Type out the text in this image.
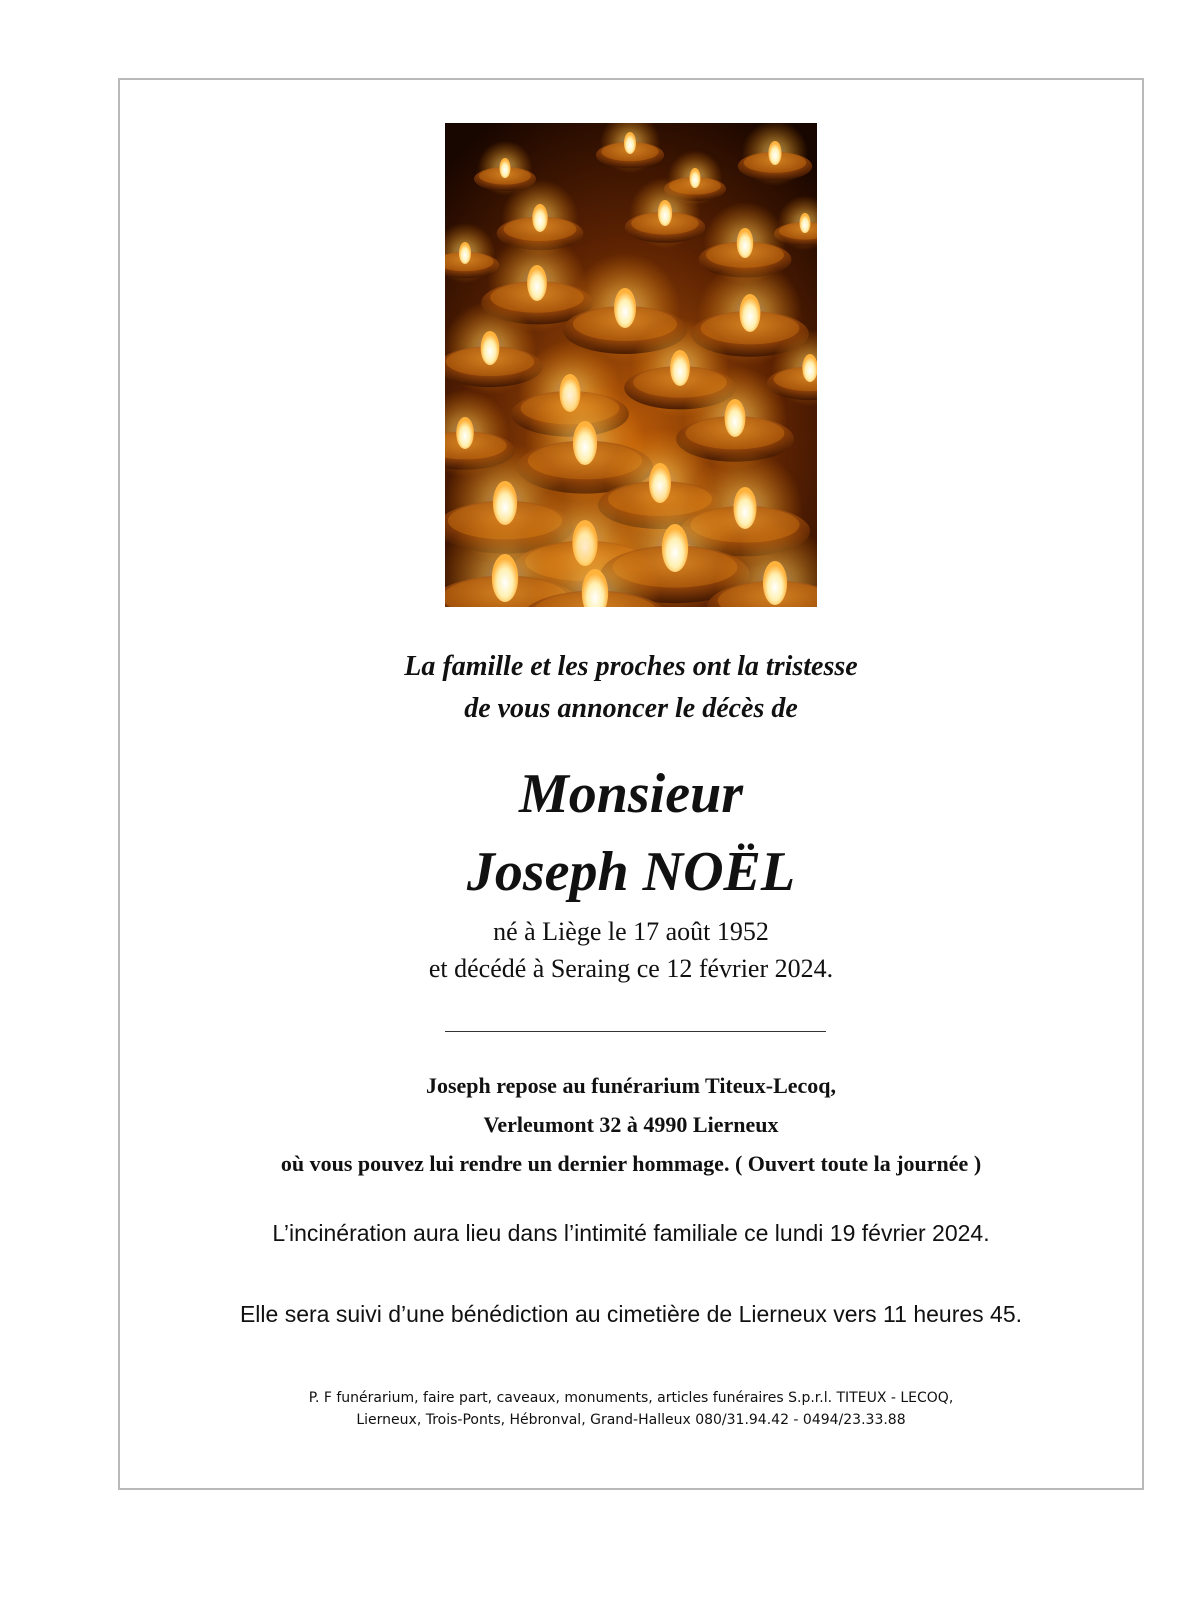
La famille et les proches ont la tristesse
de vous annoncer le décès de
Monsieur
Joseph NOËL
né à Liège le 17 août 1952
et décédé à Seraing ce 12 février 2024.
Joseph repose au funérarium Titeux-Lecoq,
Verleumont 32 à 4990 Lierneux
où vous pouvez lui rendre un dernier hommage. ( Ouvert toute la journée )
L’incinération aura lieu dans l’intimité familiale ce lundi 19 février 2024.
Elle sera suivi d’une bénédiction au cimetière de Lierneux vers 11 heures 45.
P. F funérarium, faire part, caveaux, monuments, articles funéraires S.p.r.l. TITEUX - LECOQ,
Lierneux, Trois-Ponts, Hébronval, Grand-Halleux 080/31.94.42 - 0494/23.33.88
